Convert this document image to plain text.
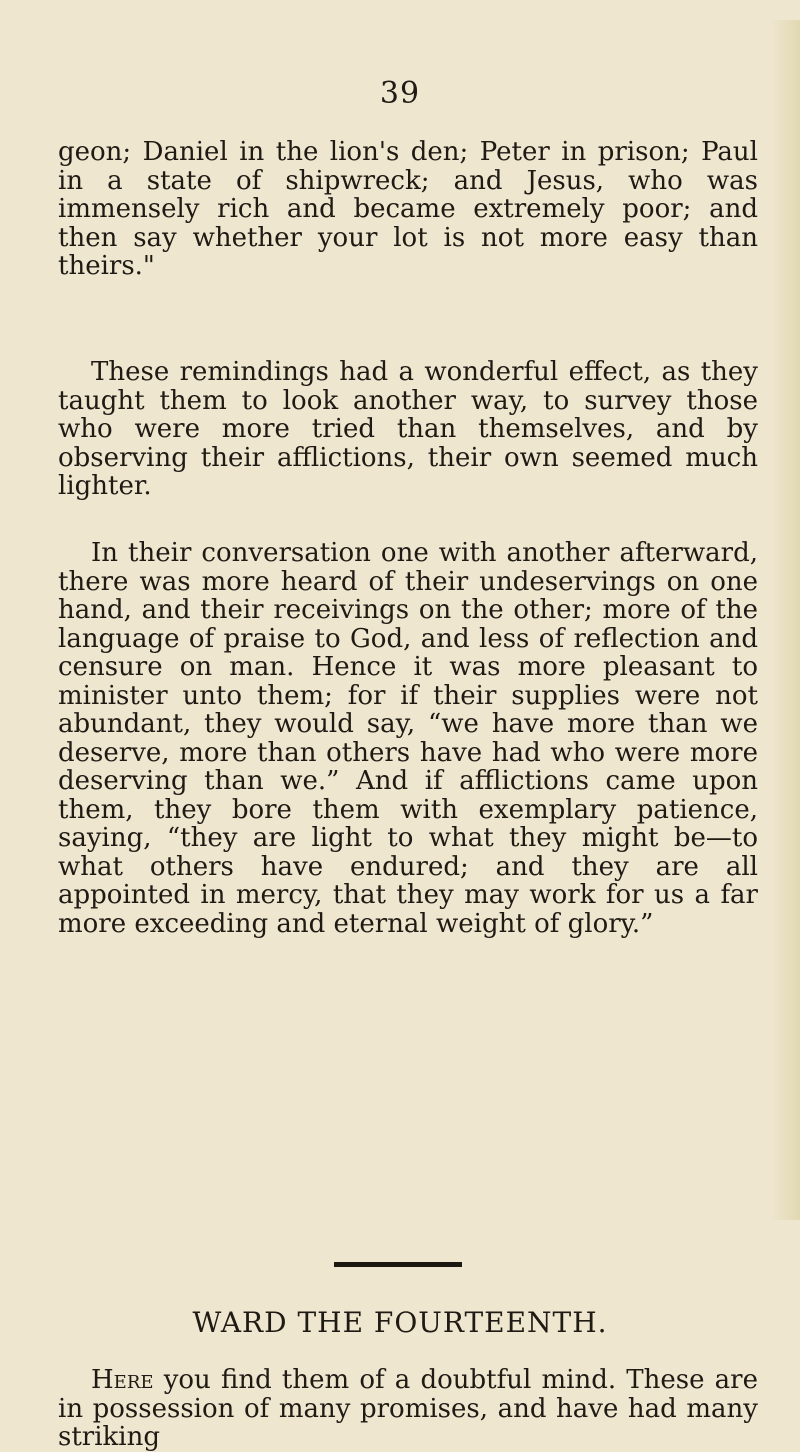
39

geon; Daniel in the lion's den; Peter in prison; Paul in a state of shipwreck; and Jesus, who was immensely rich and became extremely poor; and then say whether your lot is not more easy than theirs."

These remindings had a wonderful effect, as they taught them to look another way, to survey those who were more tried than themselves, and by observing their afflictions, their own seemed much lighter.

In their conversation one with another afterward, there was more heard of their undeservings on one hand, and their receivings on the other; more of the language of praise to God, and less of reflection and censure on man. Hence it was more pleasant to minister unto them; for if their supplies were not abundant, they would say, “we have more than we deserve, more than others have had who were more deserving than we.” And if afflictions came upon them, they bore them with exemplary patience, saying, “they are light to what they might be—to what others have endured; and they are all appointed in mercy, that they may work for us a far more exceeding and eternal weight of glory.”

WARD THE FOURTEENTH.

Here you find them of a doubtful mind. These are in possession of many promises, and have had many striking
